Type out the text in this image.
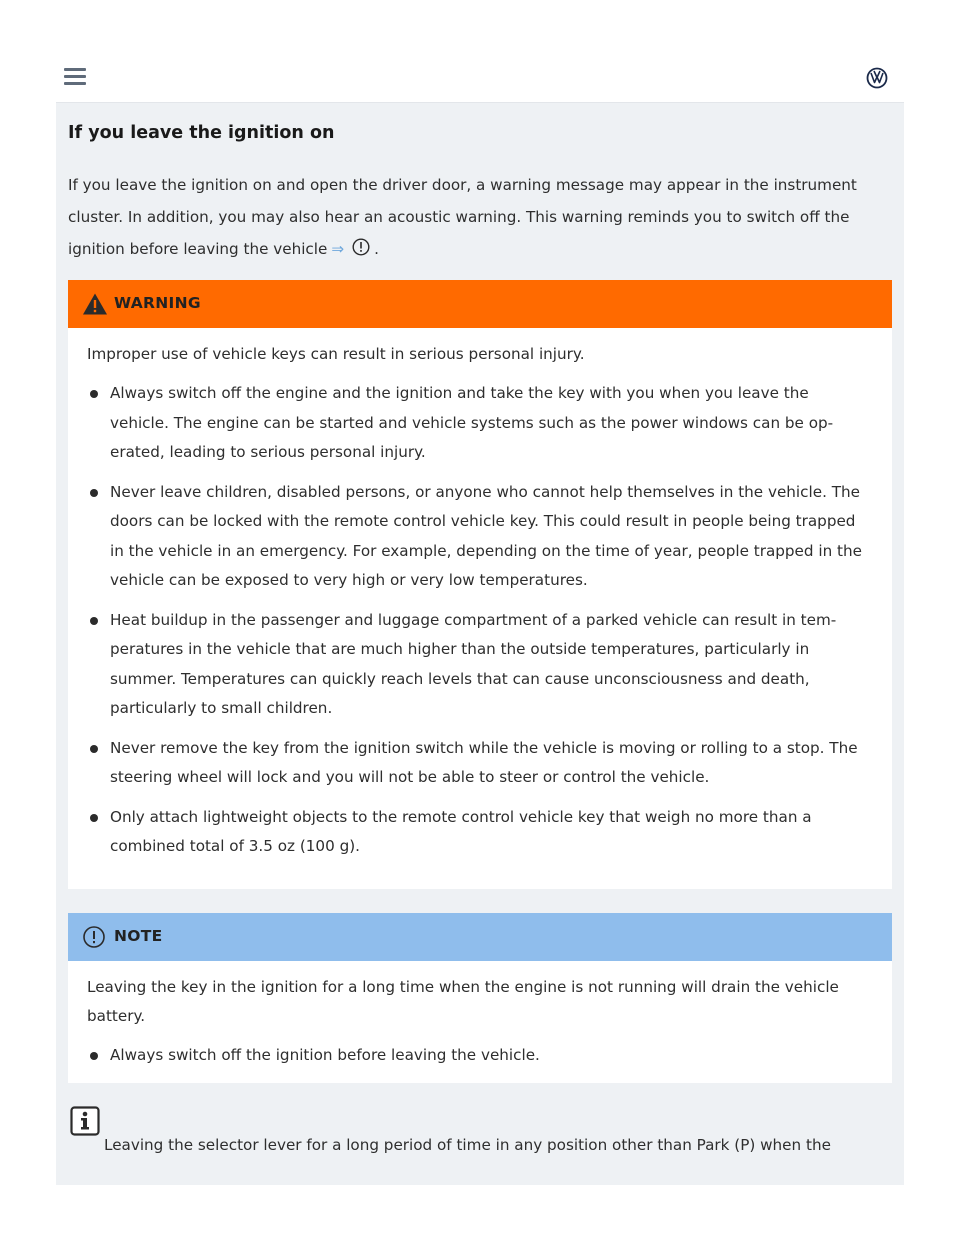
If you leave the ignition on

If you leave the ignition on and open the driver door, a warning message may appear in the instrument cluster. In addition, you may also hear an acoustic warning. This warning reminds you to switch off the ignition before leaving the vehicle ⇒ .

WARNING

Improper use of vehicle keys can result in serious personal injury.

Always switch off the engine and the ignition and take the key with you when you leave the vehicle. The engine can be started and vehicle systems such as the power windows can be op-erated, leading to serious personal injury.
Never leave children, disabled persons, or anyone who cannot help themselves in the vehicle. The doors can be locked with the remote control vehicle key. This could result in people being trapped in the vehicle in an emergency. For example, depending on the time of year, people trapped in the vehicle can be exposed to very high or very low temperatures.
Heat buildup in the passenger and luggage compartment of a parked vehicle can result in tem-peratures in the vehicle that are much higher than the outside temperatures, particularly in summer. Temperatures can quickly reach levels that can cause unconsciousness and death, particularly to small children.
Never remove the key from the ignition switch while the vehicle is moving or rolling to a stop. The steering wheel will lock and you will not be able to steer or control the vehicle.
Only attach lightweight objects to the remote control vehicle key that weigh no more than a combined total of 3.5 oz (100 g).
NOTE

Leaving the key in the ignition for a long time when the engine is not running will drain the vehicle battery.

Always switch off the ignition before leaving the vehicle.

Leaving the selector lever for a long period of time in any position other than Park (P) when the
